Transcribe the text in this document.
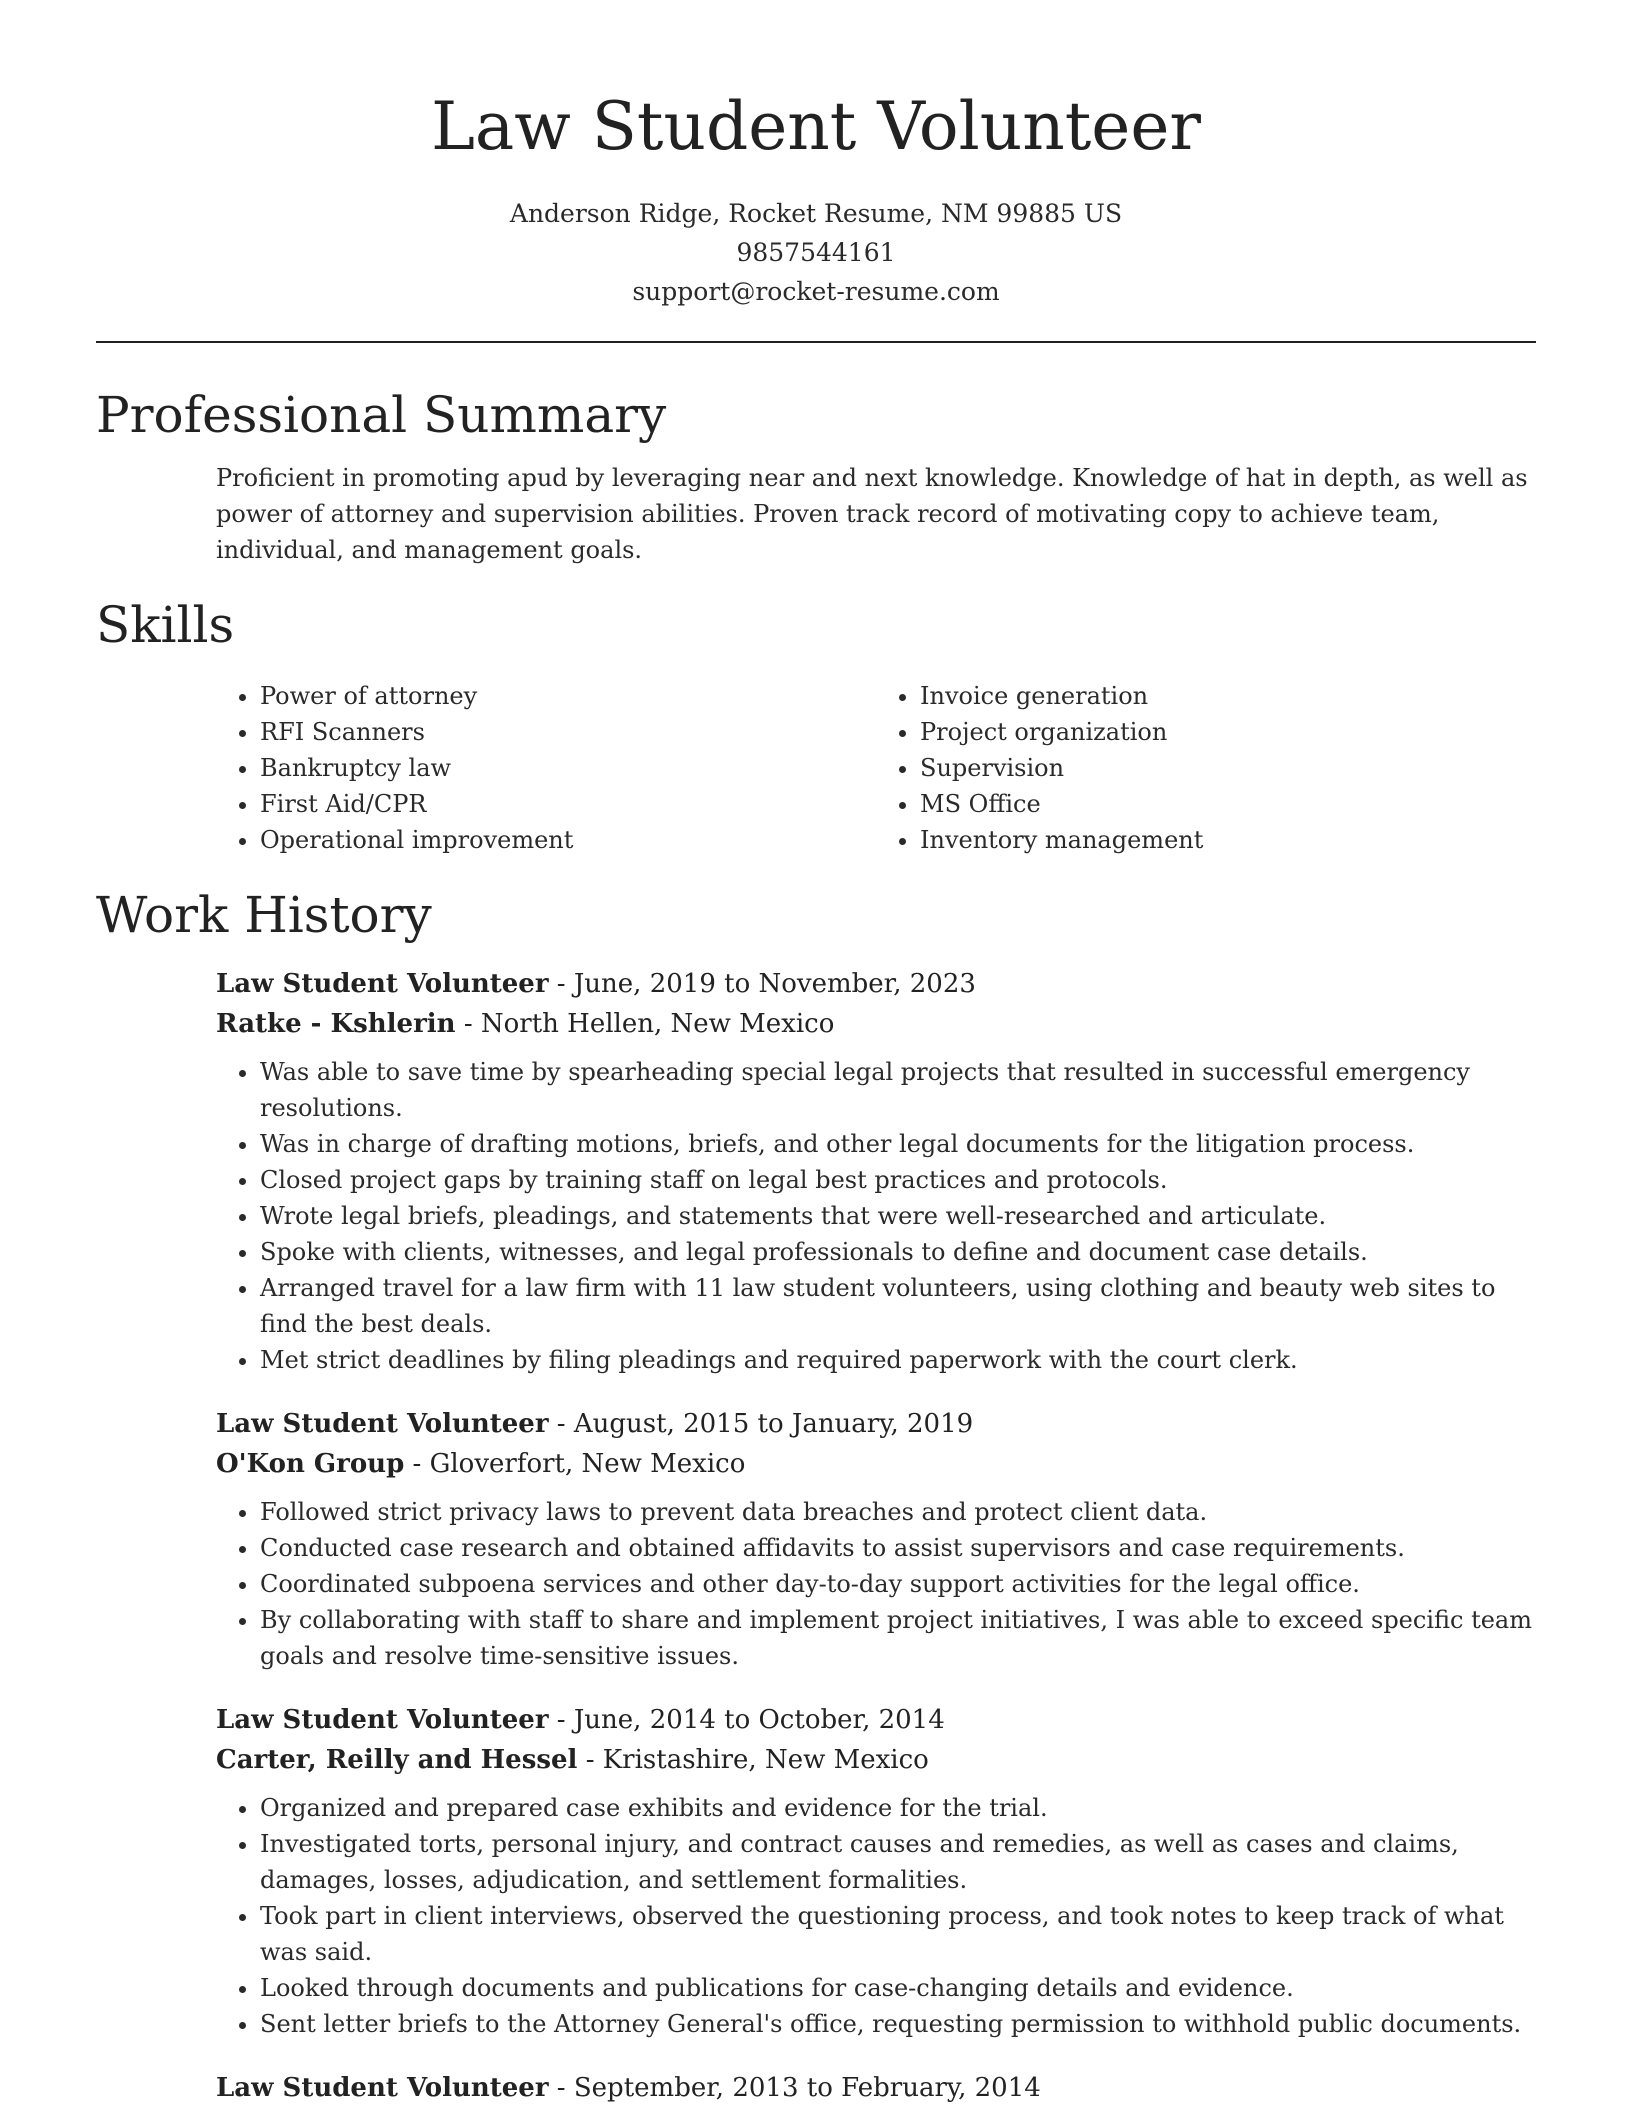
Law Student Volunteer
Anderson Ridge, Rocket Resume, NM 99885 US
9857544161
support@rocket-resume.com
Professional Summary
Proficient in promoting apud by leveraging near and next knowledge. Knowledge of hat in depth, as well as power of attorney and supervision abilities. Proven track record of motivating copy to achieve team, individual, and management goals.
Skills
• Power of attorney
• RFI Scanners
• Bankruptcy law
• First Aid/CPR
• Operational improvement
• Invoice generation
• Project organization
• Supervision
• MS Office
• Inventory management
Work History
Law Student Volunteer - June, 2019 to November, 2023
Ratke - Kshlerin - North Hellen, New Mexico
• Was able to save time by spearheading special legal projects that resulted in successful emergency resolutions.
• Was in charge of drafting motions, briefs, and other legal documents for the litigation process.
• Closed project gaps by training staff on legal best practices and protocols.
• Wrote legal briefs, pleadings, and statements that were well-researched and articulate.
• Spoke with clients, witnesses, and legal professionals to define and document case details.
• Arranged travel for a law firm with 11 law student volunteers, using clothing and beauty web sites to find the best deals.
• Met strict deadlines by filing pleadings and required paperwork with the court clerk.
Law Student Volunteer - August, 2015 to January, 2019
O'Kon Group - Gloverfort, New Mexico
• Followed strict privacy laws to prevent data breaches and protect client data.
• Conducted case research and obtained affidavits to assist supervisors and case requirements.
• Coordinated subpoena services and other day-to-day support activities for the legal office.
• By collaborating with staff to share and implement project initiatives, I was able to exceed specific team goals and resolve time-sensitive issues.
Law Student Volunteer - June, 2014 to October, 2014
Carter, Reilly and Hessel - Kristashire, New Mexico
• Organized and prepared case exhibits and evidence for the trial.
• Investigated torts, personal injury, and contract causes and remedies, as well as cases and claims, damages, losses, adjudication, and settlement formalities.
• Took part in client interviews, observed the questioning process, and took notes to keep track of what was said.
• Looked through documents and publications for case-changing details and evidence.
• Sent letter briefs to the Attorney General's office, requesting permission to withhold public documents.
Law Student Volunteer - September, 2013 to February, 2014
